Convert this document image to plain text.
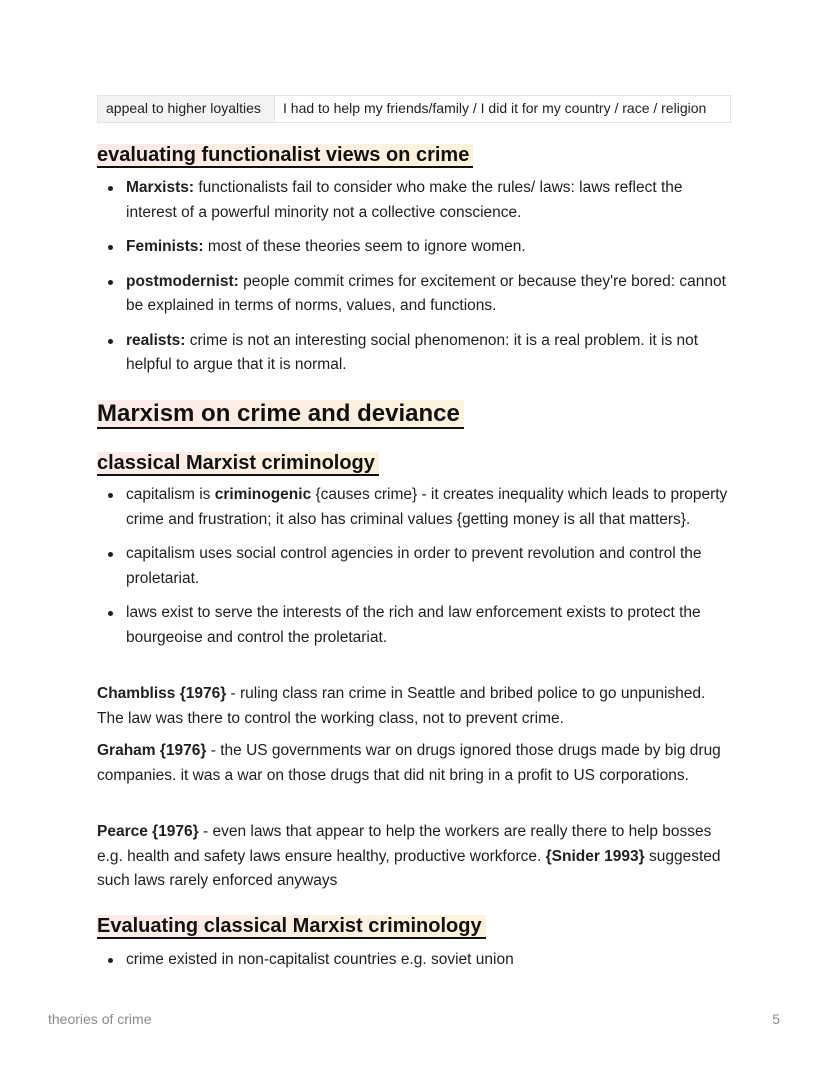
appeal to higher loyalties	I had to help my friends/family / I did it for my country / race / religion
evaluating functionalist views on crime
Marxists: functionalists fail to consider who make the rules/ laws: laws reflect the interest of a powerful minority not a collective conscience.
Feminists: most of these theories seem to ignore women.
postmodernist: people commit crimes for excitement or because they're bored: cannot be explained in terms of norms, values, and functions.
realists: crime is not an interesting social phenomenon: it is a real problem. it is not helpful to argue that it is normal.
Marxism on crime and deviance
classical Marxist criminology
capitalism is criminogenic {causes crime} - it creates inequality which leads to property crime and frustration; it also has criminal values {getting money is all that matters}.
capitalism uses social control agencies in order to prevent revolution and control the proletariat.
laws exist to serve the interests of the rich and law enforcement exists to protect the bourgeoise and control the proletariat.

Chambliss {1976} - ruling class ran crime in Seattle and bribed police to go unpunished. The law was there to control the working class, not to prevent crime.

Graham {1976} - the US governments war on drugs ignored those drugs made by big drug companies. it was a war on those drugs that did nit bring in a profit to US corporations.

Pearce {1976} - even laws that appear to help the workers are really there to help bosses e.g. health and safety laws ensure healthy, productive workforce. {Snider 1993} suggested such laws rarely enforced anyways

Evaluating classical Marxist criminology
crime existed in non-capitalist countries e.g. soviet union
theories of crime	5
